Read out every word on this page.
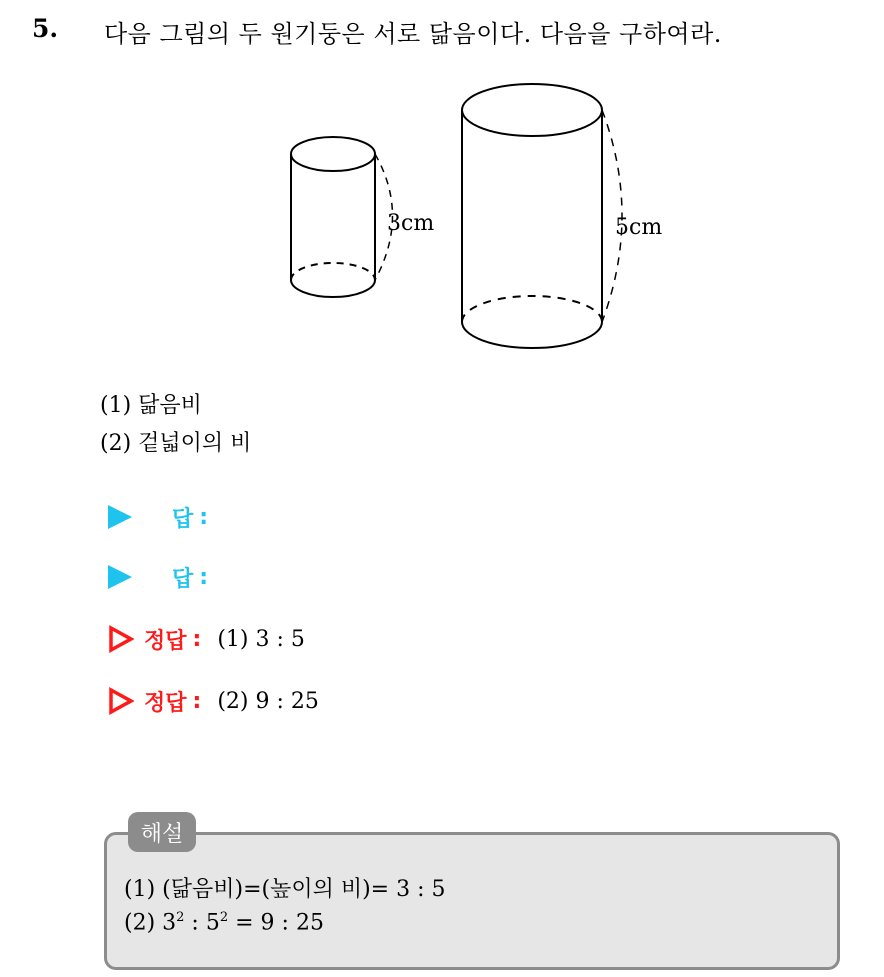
5. 다음 그림의 두 원기둥은 서로 닮음이다. 다음을 구하여라.
3cm	5cm
(1) 닮음비
(2) 겉넓이의 비
답 :
답 :
정답 : (1) 3 : 5
정답 : (2) 9 : 25
해설
(1) (닮음비)=(높이의 비)= 3 : 5
(2) $3^2$ : $5^2 = 9$ : 25
